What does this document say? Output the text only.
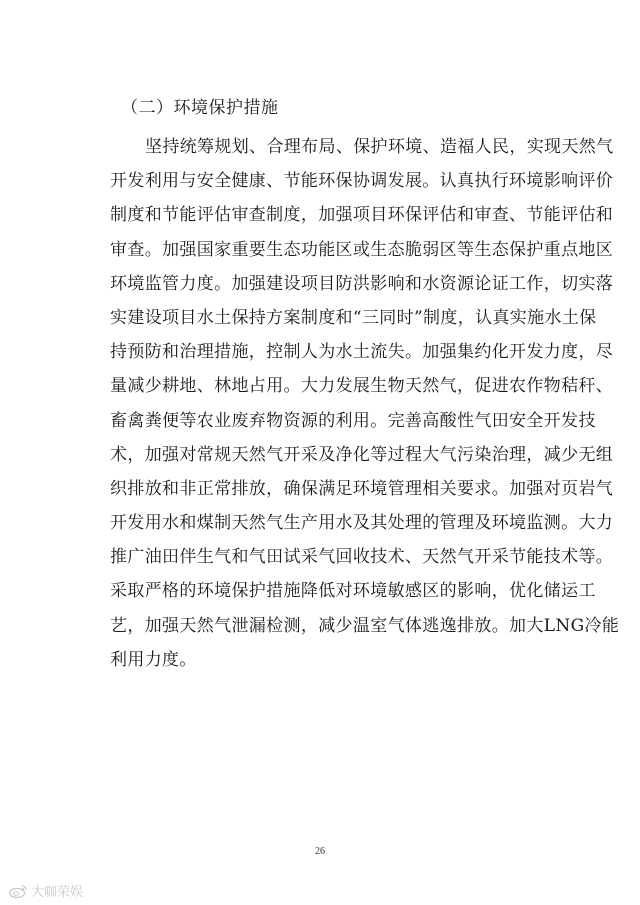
（二）环境保护措施
坚持统筹规划、合理布局、保护环境、造福人民，实现天然气
开发利用与安全健康、节能环保协调发展。认真执行环境影响评价
制度和节能评估审查制度，加强项目环保评估和审查、节能评估和
审查。加强国家重要生态功能区或生态脆弱区等生态保护重点地区
环境监管力度。加强建设项目防洪影响和水资源论证工作，切实落
实建设项目水土保持方案制度和“三同时”制度，认真实施水土保
持预防和治理措施，控制人为水土流失。加强集约化开发力度，尽
量减少耕地、林地占用。大力发展生物天然气，促进农作物秸秆、
畜禽粪便等农业废弃物资源的利用。完善高酸性气田安全开发技
术，加强对常规天然气开采及净化等过程大气污染治理，减少无组
织排放和非正常排放，确保满足环境管理相关要求。加强对页岩气
开发用水和煤制天然气生产用水及其处理的管理及环境监测。大力
推广油田伴生气和气田试采气回收技术、天然气开采节能技术等。
采取严格的环境保护措施降低对环境敏感区的影响，优化储运工
艺，加强天然气泄漏检测，减少温室气体逃逸排放。加大LNG冷能
利用力度。
26
大咖荣娱
